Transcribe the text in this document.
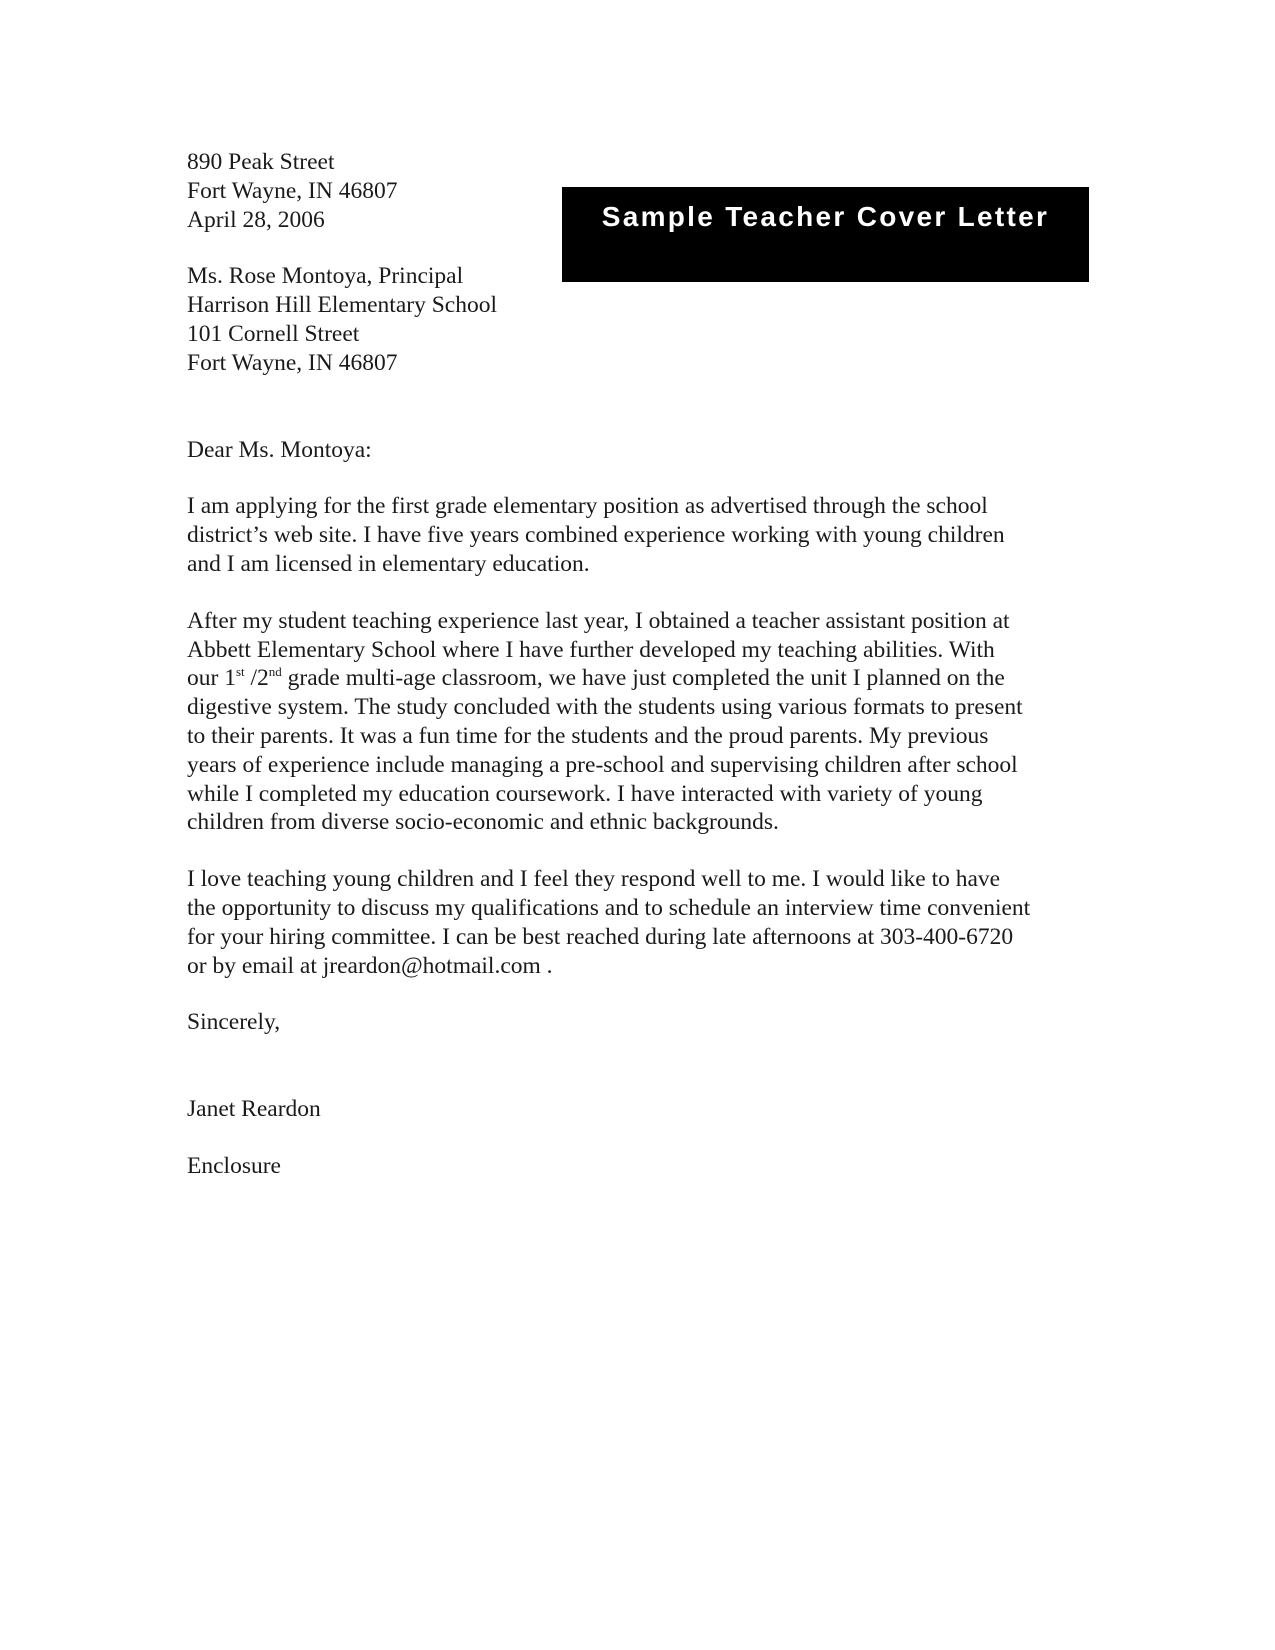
Sample Teacher Cover Letter
890 Peak Street
Fort Wayne, IN 46807
April 28, 2006
Ms. Rose Montoya, Principal
Harrison Hill Elementary School
101 Cornell Street
Fort Wayne, IN 46807
Dear Ms. Montoya:
I am applying for the first grade elementary position as advertised through the school
district’s web site. I have five years combined experience working with young children
and I am licensed in elementary education.
After my student teaching experience last year, I obtained a teacher assistant position at
Abbett Elementary School where I have further developed my teaching abilities. With
our 1st /2nd grade multi-age classroom, we have just completed the unit I planned on the
digestive system. The study concluded with the students using various formats to present
to their parents. It was a fun time for the students and the proud parents. My previous
years of experience include managing a pre-school and supervising children after school
while I completed my education coursework. I have interacted with variety of young
children from diverse socio-economic and ethnic backgrounds.
I love teaching young children and I feel they respond well to me. I would like to have
the opportunity to discuss my qualifications and to schedule an interview time convenient
for your hiring committee. I can be best reached during late afternoons at 303-400-6720
or by email at jreardon@hotmail.com .
Sincerely,
Janet Reardon
Enclosure
